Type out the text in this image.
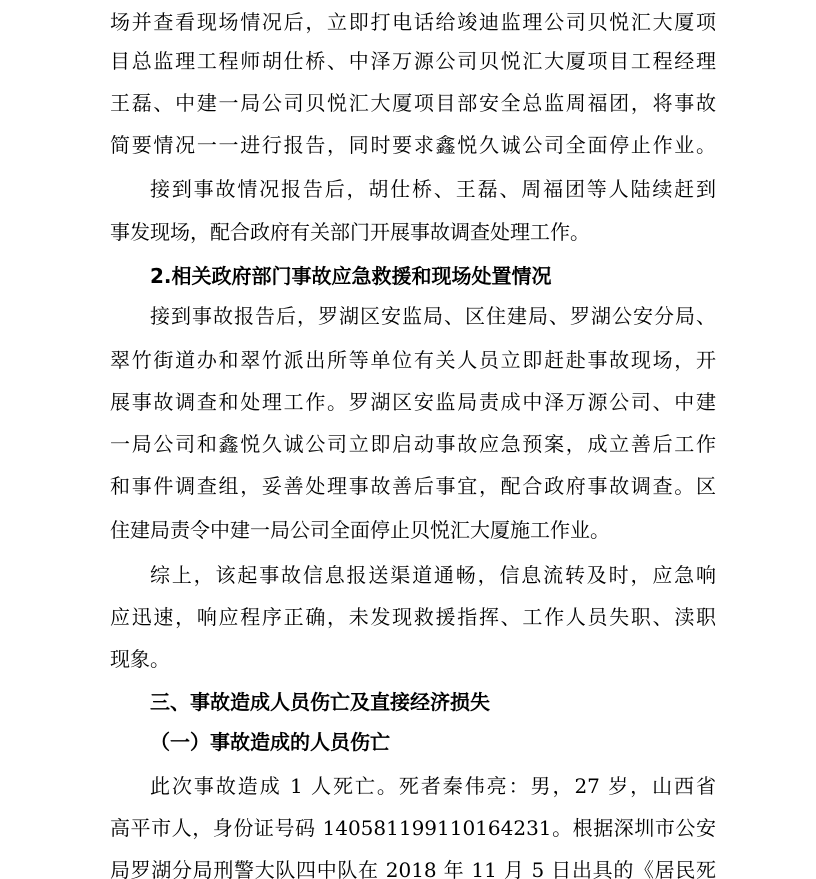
场并查看现场情况后，立即打电话给竣迪监理公司贝悦汇大厦项
目总监理工程师胡仕桥、中泽万源公司贝悦汇大厦项目工程经理
王磊、中建一局公司贝悦汇大厦项目部安全总监周福团，将事故
简要情况一一进行报告，同时要求鑫悦久诚公司全面停止作业。
接到事故情况报告后，胡仕桥、王磊、周福团等人陆续赶到
事发现场，配合政府有关部门开展事故调查处理工作。
2.相关政府部门事故应急救援和现场处置情况
接到事故报告后，罗湖区安监局、区住建局、罗湖公安分局、
翠竹街道办和翠竹派出所等单位有关人员立即赶赴事故现场，开
展事故调查和处理工作。罗湖区安监局责成中泽万源公司、中建
一局公司和鑫悦久诚公司立即启动事故应急预案，成立善后工作
和事件调查组，妥善处理事故善后事宜，配合政府事故调查。区
住建局责令中建一局公司全面停止贝悦汇大厦施工作业。
综上，该起事故信息报送渠道通畅，信息流转及时，应急响
应迅速，响应程序正确，未发现救援指挥、工作人员失职、渎职
现象。
三、事故造成人员伤亡及直接经济损失
（一）事故造成的人员伤亡
此次事故造成 1 人死亡。死者秦伟亮：男，27 岁，山西省
高平市人，身份证号码 140581199110164231。根据深圳市公安
局罗湖分局刑警大队四中队在 2018 年 11 月 5 日出具的《居民死
